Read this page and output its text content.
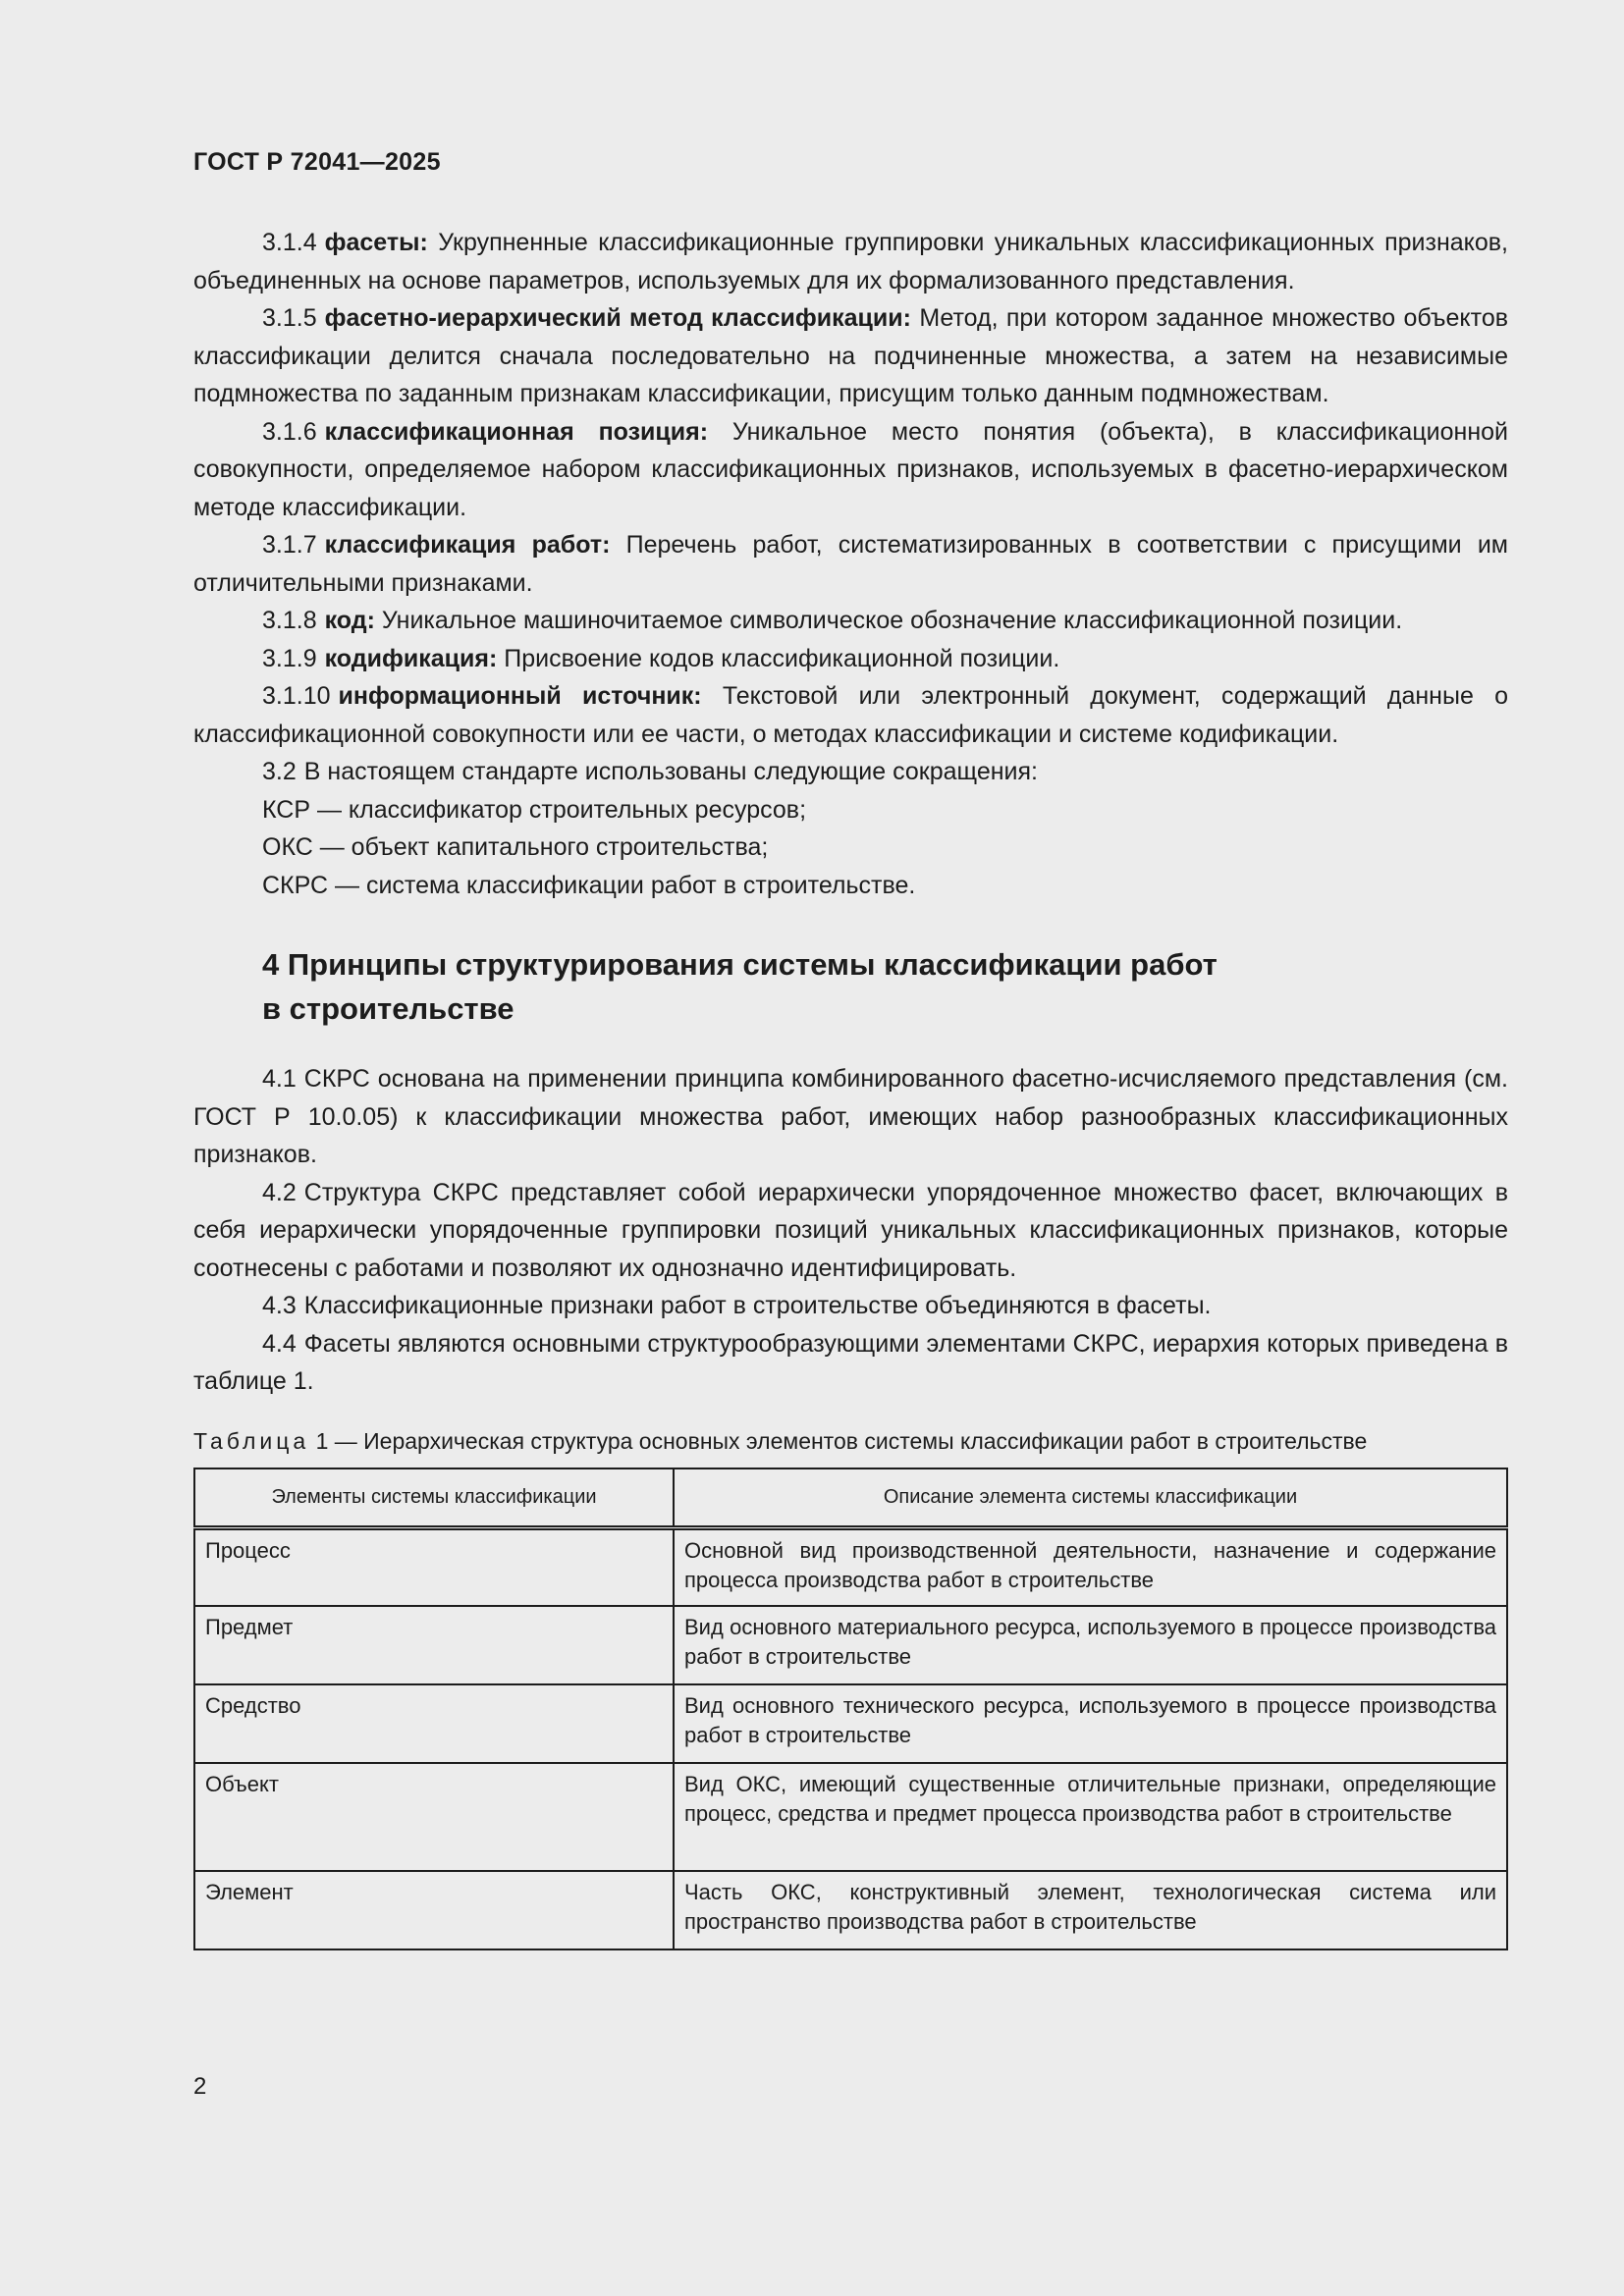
ГОСТ Р 72041—2025

3.1.4 фасеты: Укрупненные классификационные группировки уникальных классификационных признаков, объединенных на основе параметров, используемых для их формализованного представления.

3.1.5 фасетно-иерархический метод классификации: Метод, при котором заданное множество объектов классификации делится сначала последовательно на подчиненные множества, а затем на независимые подмножества по заданным признакам классификации, присущим только данным подмножествам.

3.1.6 классификационная позиция: Уникальное место понятия (объекта), в классификационной совокупности, определяемое набором классификационных признаков, используемых в фасетно-иерархическом методе классификации.

3.1.7 классификация работ: Перечень работ, систематизированных в соответствии с присущими им отличительными признаками.

3.1.8 код: Уникальное машиночитаемое символическое обозначение классификационной позиции.

3.1.9 кодификация: Присвоение кодов классификационной позиции.

3.1.10 информационный источник: Текстовой или электронный документ, содержащий данные о классификационной совокупности или ее части, о методах классификации и системе кодификации.

3.2 В настоящем стандарте использованы следующие сокращения:

КСР — классификатор строительных ресурсов;

ОКС — объект капитального строительства;

СКРС — система классификации работ в строительстве.

4 Принципы структурирования системы классификации работ
в строительстве

4.1 СКРС основана на применении принципа комбинированного фасетно-исчисляемого представления (см. ГОСТ Р 10.0.05) к классификации множества работ, имеющих набор разнообразных классификационных признаков.

4.2 Структура СКРС представляет собой иерархически упорядоченное множество фасет, включающих в себя иерархически упорядоченные группировки позиций уникальных классификационных признаков, которые соотнесены с работами и позволяют их однозначно идентифицировать.

4.3 Классификационные признаки работ в строительстве объединяются в фасеты.

4.4 Фасеты являются основными структурообразующими элементами СКРС, иерархия которых приведена в таблице 1.

Таблица 1 — Иерархическая структура основных элементов системы классификации работ в строительстве
Элементы системы классификации	Описание элемента системы классификации
Процесс	Основной вид производственной деятельности, назначение и содержание процесса производства работ в строительстве
Предмет	Вид основного материального ресурса, используемого в процессе производства работ в строительстве
Средство	Вид основного технического ресурса, используемого в процессе производства работ в строительстве
Объект	Вид ОКС, имеющий существенные отличительные признаки, определяющие процесс, средства и предмет процесса производства работ в строительстве
Элемент	Часть ОКС, конструктивный элемент, технологическая система или пространство производства работ в строительстве
2
